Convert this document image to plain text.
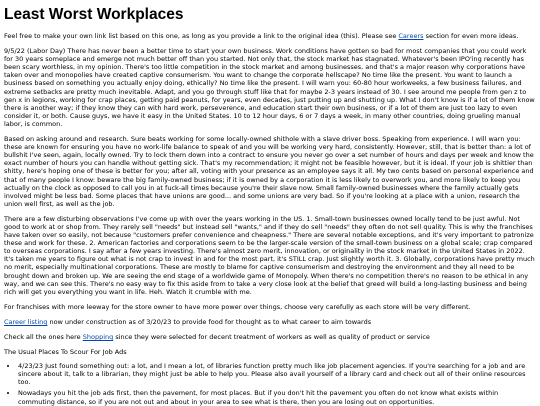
Least Worst Workplaces

Feel free to make your own link list based on this one, as long as you provide a link to the original idea (this). Please see Careers section for even more ideas.

9/5/22 (Labor Day) There has never been a better time to start your own business. Work conditions have gotten so bad for most companies that you could work for 30 years someplace and emerge not much better off than you started. Not only that, the stock market has stagnated. Whatever's been IPO'ing recently has been scary worthless, in my opinion. There's too little competition in the stock market and among businesses, and that's a major reason why corporations have taken over and monopolies have created captive consumerism. You want to change the corporate hellscape? No time like the present. You want to launch a business based on something you actually enjoy doing, ethically? No time like the present. I will warn you: 60-80 hour workweeks, a few business failures, and extreme setbacks are pretty much inevitable. Adapt, and you go through stuff like that for maybe 2-3 years instead of 30. I see around me people from gen z to gen x in legions, working for crap places, getting paid peanuts, for years, even decades, just putting up and shutting up. What I don't know is if a lot of them know there is another way; if they know they can with hard work, perseverence, and education start their own business, or if a lot of them are just too lazy to even consider it, or both. Cause guys, we have it easy in the United States. 10 to 12 hour days, 6 or 7 days a week, in many other countries, doing grueling manual labor, is common.

Based on asking around and research. Sure beats working for some locally-owned shithole with a slave driver boss. Speaking from experience. I will warn you: these are known for ensuring you have no work-life balance to speak of and you will be working very hard, consistently. However, still, that is better than: a lot of bullshit I've seen, again, locally owned. Try to lock them down into a contract to ensure you never go over a set number of hours and days per week and know the exact number of hours you can handle without getting sick. That's my recommendation; it might not be feasible however, but it is ideal. If your job is shittier than shitty, here's hoping one of these is better for you; after all, voting with your presence as an employee says it all. My two cents based on personal experience and that of many people I know: beware the big family-owned business; if it is owned by a corporation it is less likely to overwork you, and more likely to keep you actually on the clock as opposed to call you in at fuck-all times because you're their slave now. Small family-owned businesses where the family actually gets involved might be less bad. Some places that have unions are good... and some unions are very bad. So if you're looking at a place with a union, research the union well first, as well as the job.

There are a few disturbing observations I've come up with over the years working in the US. 1. Small-town businesses owned locally tend to be just awful. Not good to work at or shop from. They rarely sell "needs" but instead sell "wants," and if they do sell "needs" they often do not sell quality. This is why the franchises have taken over so easily, not because "customers prefer convenience and cheapness." There are several notable exceptions, and it's very important to patronize these and work for these. 2. American factories and corporations seem to be the larger-scale version of the small-town business on a global scale; crap compared to overseas corporations. I say after a few years investing. There's almost zero merit, innovation, or originality in the stock market in the United States in 2022. It's taken me years to figure out what is not crap to invest in and for the most part, it's STILL crap. Just slightly worth it. 3. Globally, corporations have pretty much no merit, especially multinational corporations. These are mostly to blame for captive consumerism and destroying the environment and they all need to be brought down and broken up. We are seeing the end stage of a worldwide game of Monopoly. When there's no competition there's no reason to be ethical in any way, and we can see this. There's no easy way to fix this aside from to take a very close look at the belief that greed will build a long-lasting business and being rich will get you everything you want in life. Heh. Watch it crumble with me.

For franchises with more leeway for the store owner to have more power over things, choose very carefully as each store will be very different.

Career listing now under construction as of 3/20/23 to provide food for thought as to what career to aim towards

Check all the ones here Shopping since they were selected for decent treatment of workers as well as quality of product or service

The Usual Places To Scour For Job Ads

• 4/23/23 Just found something out: a lot, and I mean a lot, of libraries function pretty much like job placement agencies. If you're searching for a job and are sincere about it, talk to a librarian, they might just be able to help you. Please also avail yourself of a library card and check out all of their online resources too.
• Nowadays you hit the job ads first, then the pavement, for most places. But if you don't hit the pavement you often do not know what exists within commuting distance, so if you are not out and about in your area to see what is there, then you are losing out on opportunities.
